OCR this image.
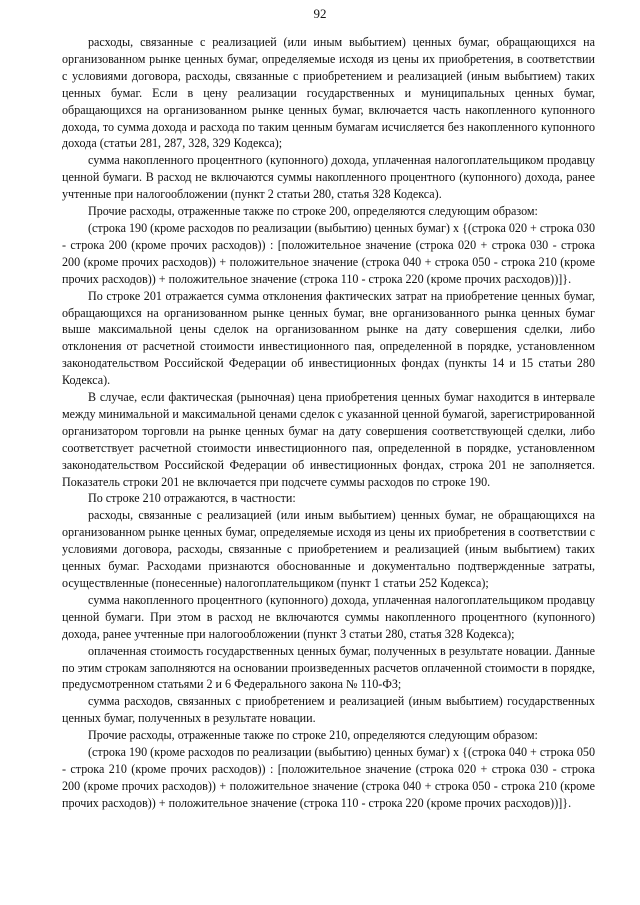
92

расходы, связанные с реализацией (или иным выбытием) ценных бумаг, обращающихся на организованном рынке ценных бумаг, определяемые исходя из цены их приобретения, в соответствии с условиями договора, расходы, связанные с приобретением и реализацией (иным выбытием) таких ценных бумаг. Если в цену реализации государственных и муниципальных ценных бумаг, обращающихся на организованном рынке ценных бумаг, включается часть накопленного купонного дохода, то сумма дохода и расхода по таким ценным бумагам исчисляется без накопленного купонного дохода (статьи 281, 287, 328, 329 Кодекса);

сумма накопленного процентного (купонного) дохода, уплаченная налогоплательщиком продавцу ценной бумаги. В расход не включаются суммы накопленного процентного (купонного) дохода, ранее учтенные при налогообложении (пункт 2 статьи 280, статья 328 Кодекса).

Прочие расходы, отраженные также по строке 200, определяются следующим образом:

(строка 190 (кроме расходов по реализации (выбытию) ценных бумаг) x {(строка 020 + строка 030 - строка 200 (кроме прочих расходов)) : [положительное значение (строка 020 + строка 030 - строка 200 (кроме прочих расходов)) + положительное значение (строка 040 + строка 050 - строка 210 (кроме прочих расходов)) + положительное значение (строка 110 - строка 220 (кроме прочих расходов))]}.

По строке 201 отражается сумма отклонения фактических затрат на приобретение ценных бумаг, обращающихся на организованном рынке ценных бумаг, вне организованного рынка ценных бумаг выше максимальной цены сделок на организованном рынке на дату совершения сделки, либо отклонения от расчетной стоимости инвестиционного пая, определенной в порядке, установленном законодательством Российской Федерации об инвестиционных фондах (пункты 14 и 15 статьи 280 Кодекса).

В случае, если фактическая (рыночная) цена приобретения ценных бумаг находится в интервале между минимальной и максимальной ценами сделок с указанной ценной бумагой, зарегистрированной организатором торговли на рынке ценных бумаг на дату совершения соответствующей сделки, либо соответствует расчетной стоимости инвестиционного пая, определенной в порядке, установленном законодательством Российской Федерации об инвестиционных фондах, строка 201 не заполняется. Показатель строки 201 не включается при подсчете суммы расходов по строке 190.

По строке 210 отражаются, в частности:

расходы, связанные с реализацией (или иным выбытием) ценных бумаг, не обращающихся на организованном рынке ценных бумаг, определяемые исходя из цены их приобретения в соответствии с условиями договора, расходы, связанные с приобретением и реализацией (иным выбытием) таких ценных бумаг. Расходами признаются обоснованные и документально подтвержденные затраты, осуществленные (понесенные) налогоплательщиком (пункт 1 статьи 252 Кодекса);

сумма накопленного процентного (купонного) дохода, уплаченная налогоплательщиком продавцу ценной бумаги. При этом в расход не включаются суммы накопленного процентного (купонного) дохода, ранее учтенные при налогообложении (пункт 3 статьи 280, статья 328 Кодекса);

оплаченная стоимость государственных ценных бумаг, полученных в результате новации. Данные по этим строкам заполняются на основании произведенных расчетов оплаченной стоимости в порядке, предусмотренном статьями 2 и 6 Федерального закона № 110-ФЗ;

сумма расходов, связанных с приобретением и реализацией (иным выбытием) государственных ценных бумаг, полученных в результате новации.

Прочие расходы, отраженные также по строке 210, определяются следующим образом:

(строка 190 (кроме расходов по реализации (выбытию) ценных бумаг) x {(строка 040 + строка 050 - строка 210 (кроме прочих расходов)) : [положительное значение (строка 020 + строка 030 - строка 200 (кроме прочих расходов)) + положительное значение (строка 040 + строка 050 - строка 210 (кроме прочих расходов)) + положительное значение (строка 110 - строка 220 (кроме прочих расходов))]}.
